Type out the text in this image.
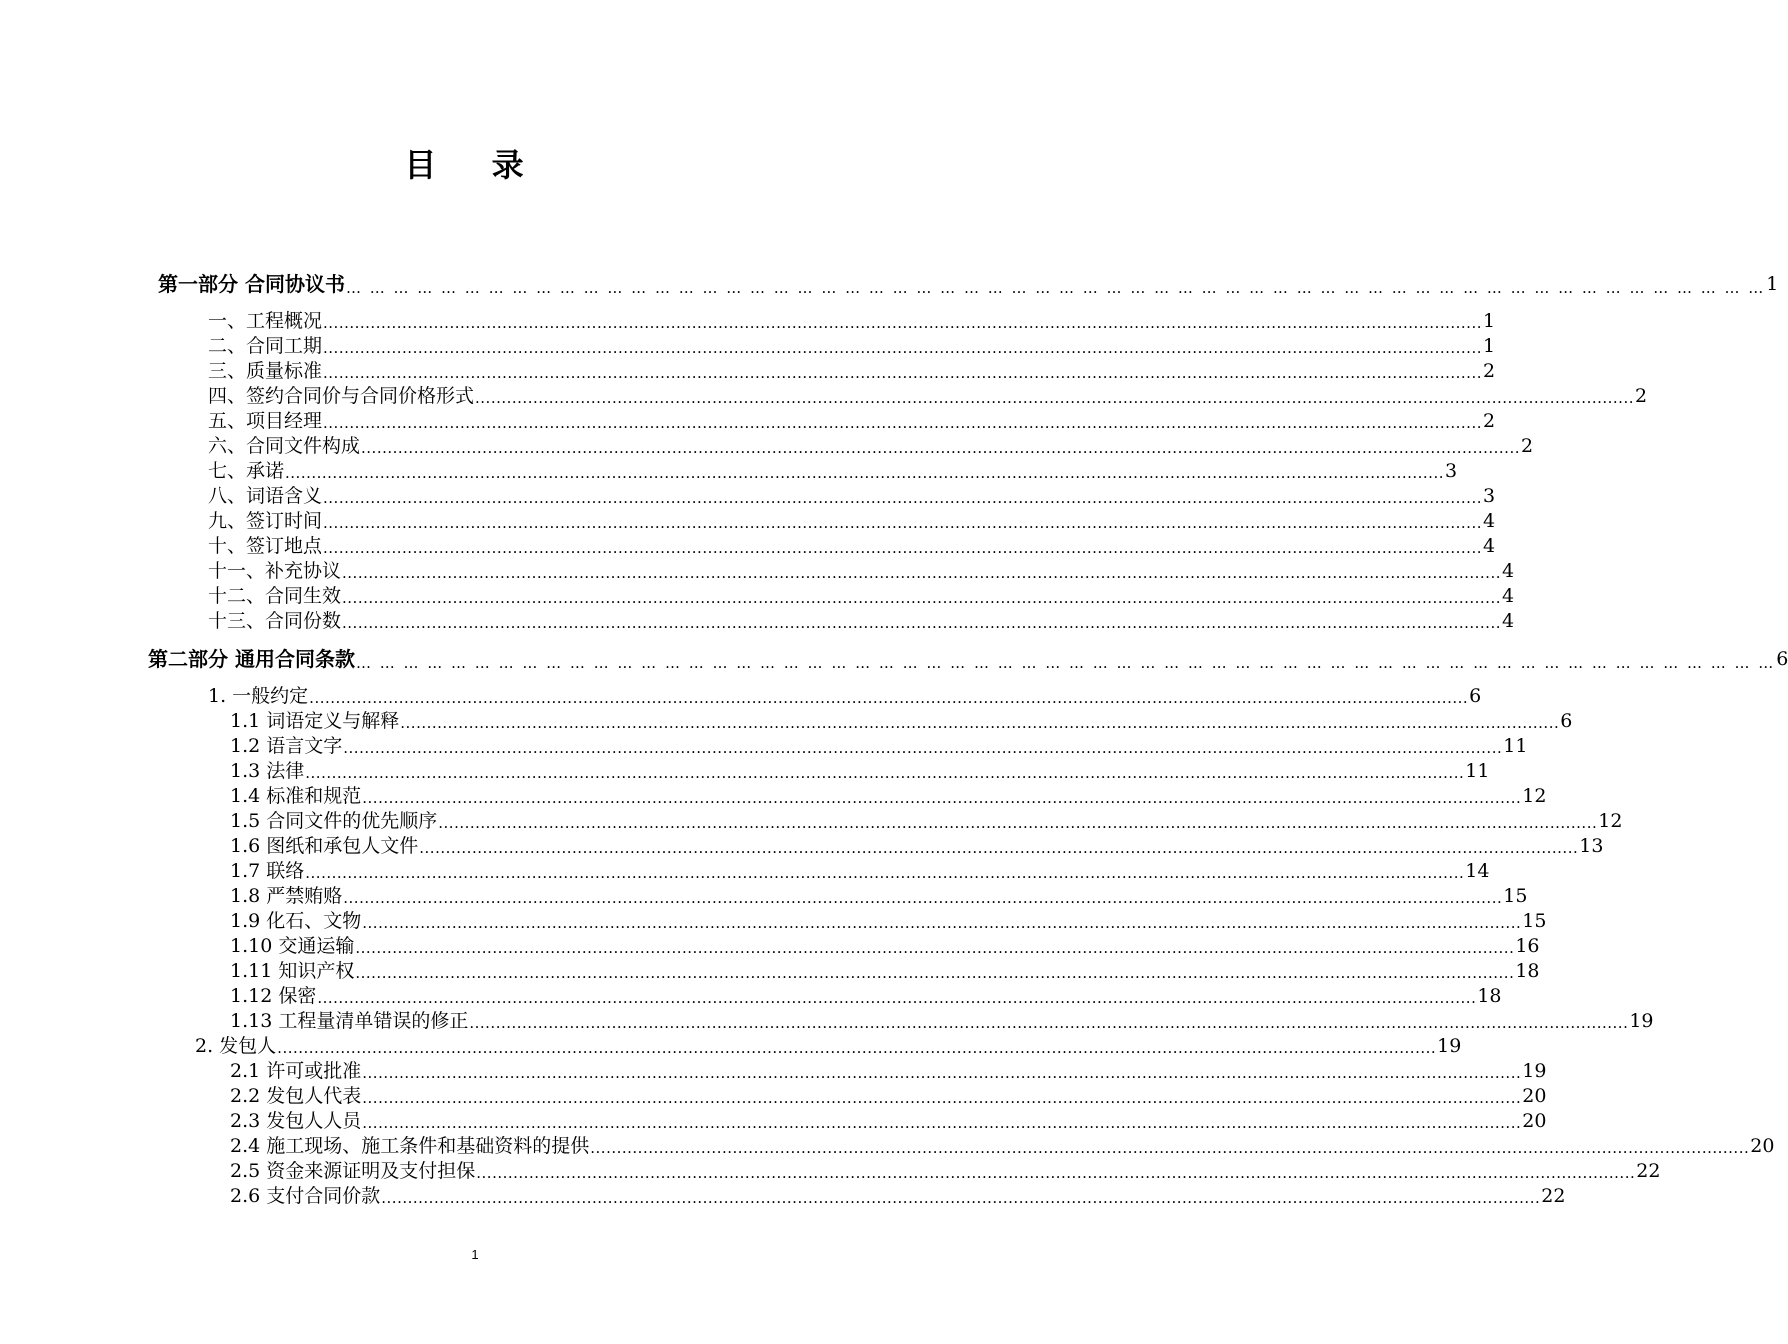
目 录
第一部分 合同协议书 … … … … … … … … … … … … … … … … … … … … … … … … … … … … … … … … … … … … … … … … … … … … … … … … … … … … … … … … … … … … 1
一、工程概况 ............................................................................................................................................................................................................................ 1
二、合同工期 ............................................................................................................................................................................................................................ 1
三、质量标准 ............................................................................................................................................................................................................................ 2
四、签约合同价与合同价格形式 ............................................................................................................................................................................................................................ 2
五、项目经理 ............................................................................................................................................................................................................................ 2
六、合同文件构成 ............................................................................................................................................................................................................................ 2
七、承诺 ............................................................................................................................................................................................................................ 3
八、词语含义 ............................................................................................................................................................................................................................ 3
九、签订时间 ............................................................................................................................................................................................................................ 4
十、签订地点 ............................................................................................................................................................................................................................ 4
十一、补充协议 ............................................................................................................................................................................................................................ 4
十二、合同生效 ............................................................................................................................................................................................................................ 4
十三、合同份数 ............................................................................................................................................................................................................................ 4
第二部分 通用合同条款 … … … … … … … … … … … … … … … … … … … … … … … … … … … … … … … … … … … … … … … … … … … … … … … … … … … … … … … … … … … … 6
1. 一般约定 ............................................................................................................................................................................................................................ 6
1.1 词语定义与解释 ............................................................................................................................................................................................................................ 6
1.2 语言文字 ............................................................................................................................................................................................................................ 11
1.3 法律 ............................................................................................................................................................................................................................ 11
1.4 标准和规范 ............................................................................................................................................................................................................................ 12
1.5 合同文件的优先顺序 ............................................................................................................................................................................................................................ 12
1.6 图纸和承包人文件 ............................................................................................................................................................................................................................ 13
1.7 联络 ............................................................................................................................................................................................................................ 14
1.8 严禁贿赂 ............................................................................................................................................................................................................................ 15
1.9 化石、文物 ............................................................................................................................................................................................................................ 15
1.10 交通运输 ............................................................................................................................................................................................................................ 16
1.11 知识产权 ............................................................................................................................................................................................................................ 18
1.12 保密 ............................................................................................................................................................................................................................ 18
1.13 工程量清单错误的修正 ............................................................................................................................................................................................................................ 19
2. 发包人 ............................................................................................................................................................................................................................ 19
2.1 许可或批准 ............................................................................................................................................................................................................................ 19
2.2 发包人代表 ............................................................................................................................................................................................................................ 20
2.3 发包人人员 ............................................................................................................................................................................................................................ 20
2.4 施工现场、施工条件和基础资料的提供 ............................................................................................................................................................................................................................ 20
2.5 资金来源证明及支付担保 ............................................................................................................................................................................................................................ 22
2.6 支付合同价款 ............................................................................................................................................................................................................................ 22
1
